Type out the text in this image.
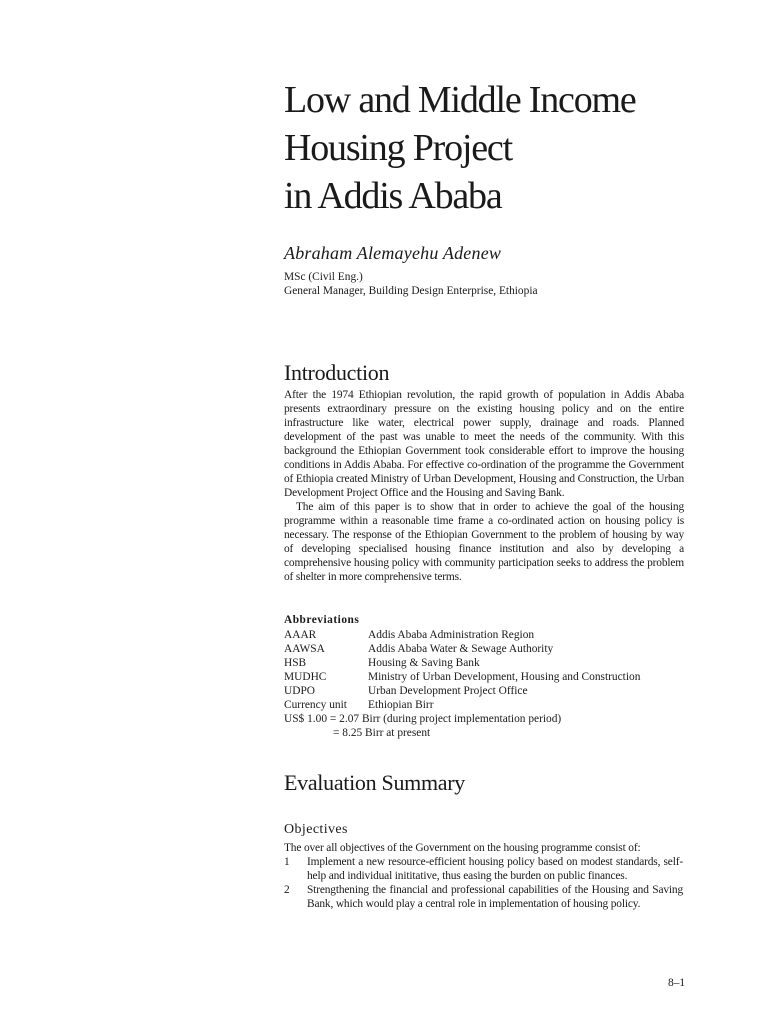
Low and Middle Income
Housing Project
in Addis Ababa
Abraham Alemayehu Adenew
MSc (Civil Eng.)
General Manager, Building Design Enterprise, Ethiopia
Introduction

After the 1974 Ethiopian revolution, the rapid growth of population in Addis Ababa presents extraordinary pressure on the existing housing policy and on the entire infrastructure like water, electrical power supply, drainage and roads. Planned development of the past was unable to meet the needs of the community. With this background the Ethiopian Government took considerable effort to improve the housing conditions in Addis Ababa. For effective co-ordination of the programme the Government of Ethiopia created Ministry of Urban Development, Housing and Construction, the Urban Development Project Office and the Housing and Saving Bank.

The aim of this paper is to show that in order to achieve the goal of the housing programme within a reasonable time frame a co-ordinated action on housing policy is necessary. The response of the Ethiopian Government to the problem of housing by way of developing specialised housing finance institution and also by developing a comprehensive housing policy with community participation seeks to address the problem of shelter in more comprehensive terms.

Abbreviations
AAAR	Addis Ababa Administration Region
AAWSA	Addis Ababa Water & Sewage Authority
HSB	Housing & Saving Bank
MUDHC	Ministry of Urban Development, Housing and Construction
UDPO	Urban Development Project Office
Currency unit Ethiopian Birr
US$ 1.00 = 2.07 Birr (during project implementation period)
= 8.25 Birr at present
Evaluation Summary
Objectives
The over all objectives of the Government on the housing programme consist of:
1 Implement a new resource-efficient housing policy based on modest standards, self-help and individual inititative, thus easing the burden on public finances.
2 Strengthening the financial and professional capabilities of the Housing and Saving Bank, which would play a central role in implementation of housing policy.
8–1
